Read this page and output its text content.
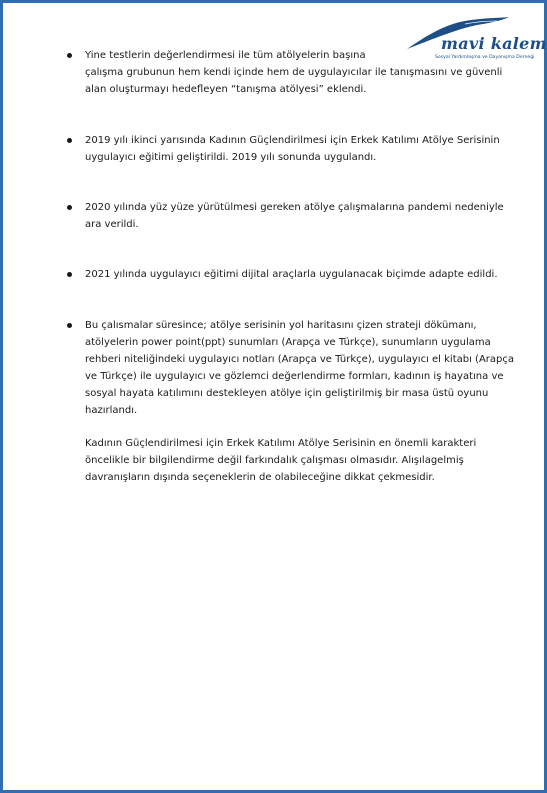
mavi kalem
Sosyal Yardımlaşma ve Dayanışma Derneği
Yine testlerin değerlendirmesi ile tüm atölyelerin başına
çalışma grubunun hem kendi içinde hem de uygulayıcılar ile tanışmasını ve güvenli
alan oluşturmayı hedefleyen “tanışma atölyesi” eklendi.
2019 yılı ikinci yarısında Kadının Güçlendirilmesi için Erkek Katılımı Atölye Serisinin
uygulayıcı eğitimi geliştirildi. 2019 yılı sonunda uygulandı.
2020 yılında yüz yüze yürütülmesi gereken atölye çalışmalarına pandemi nedeniyle
ara verildi.
2021 yılında uygulayıcı eğitimi dijital araçlarla uygulanacak biçimde adapte edildi.
Bu çalısmalar süresince; atölye serisinin yol haritasını çizen strateji dökümanı,
atölyelerin power point(ppt) sunumları (Arapça ve Türkçe), sunumların uygulama
rehberi niteliğindeki uygulayıcı notları (Arapça ve Türkçe), uygulayıcı el kitabı (Arapça
ve Türkçe) ile uygulayıcı ve gözlemci değerlendirme formları, kadının iş hayatına ve
sosyal hayata katılımını destekleyen atölye için geliştirilmiş bir masa üstü oyunu
hazırlandı.
Kadının Güçlendirilmesi için Erkek Katılımı Atölye Serisinin en önemli karakteri
öncelikle bir bilgilendirme değil farkındalık çalışması olmasıdır. Alışılagelmiş
davranışların dışında seçeneklerin de olabileceğine dikkat çekmesidir.
